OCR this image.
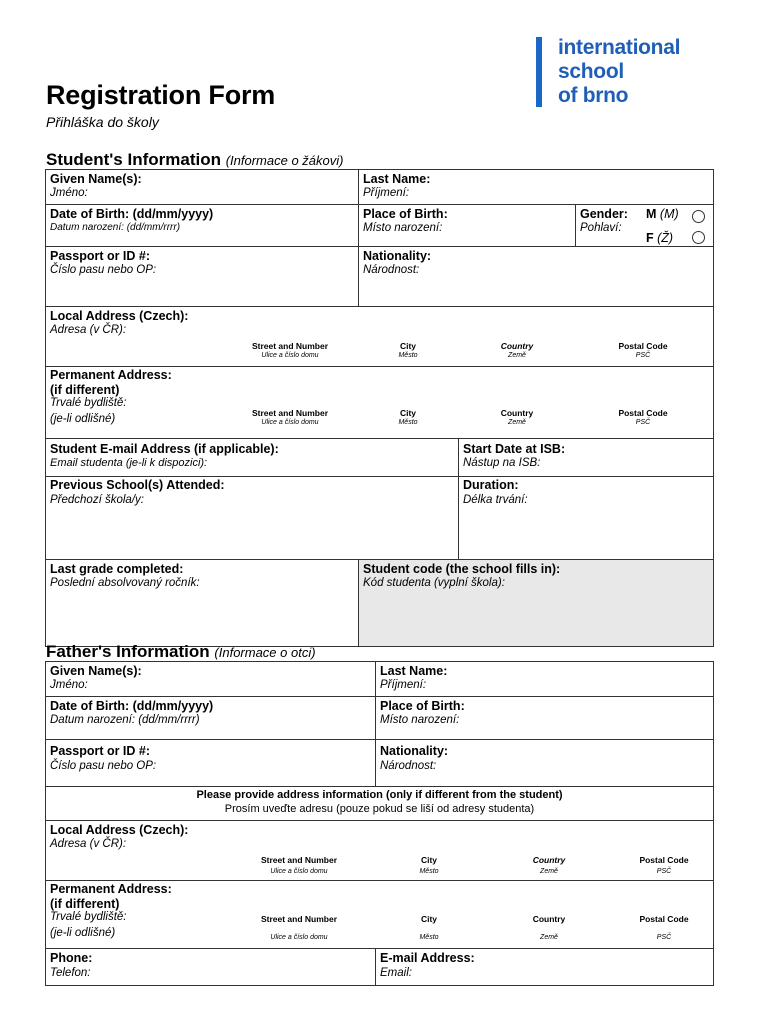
international
school
of brno
Registration Form
Přihláška do školy
Student's Information (Informace o žákovi)
Given Name(s):
Jméno:
Last Name:
Příjmení:
Date of Birth: (dd/mm/yyyy)
Datum narození: (dd/mm/rrrr)
Place of Birth:
Místo narození:
Gender:
Pohlaví:
M (M)
F (Ž)
Passport or ID #:
Číslo pasu nebo OP:
Nationality:
Národnost:
Local Address (Czech):
Adresa (v ČR):
Street and Number
Ulice a číslo domu
City
Město
Country
Země
Postal Code
PSČ
Permanent Address:
(if different)
Trvalé bydliště:
(je-li odlišné)	Street and Number
Ulice a číslo domu
City
Město
Country
Země
Postal Code
PSČ
Student E-mail Address (if applicable):
Email studenta (je-li k dispozici):
Start Date at ISB:
Nástup na ISB:
Previous School(s) Attended:
Předchozí škola/y:
Duration:
Délka trvání:
Last grade completed:
Poslední absolvovaný ročník:
Student code (the school fills in):
Kód studenta (vyplní škola):
Father's Information (Informace o otci)
Given Name(s):
Jméno:
Last Name:
Příjmení:
Date of Birth: (dd/mm/yyyy)
Datum narození: (dd/mm/rrrr)
Place of Birth:
Místo narození:
Passport or ID #:
Číslo pasu nebo OP:
Nationality:
Národnost:
Please provide address information (only if different from the student)
Prosím uveďte adresu (pouze pokud se liší od adresy studenta)
Local Address (Czech):
Adresa (v ČR):
Street and Number
Ulice a číslo domu
City
Město
Country
Země
Postal Code
PSČ
Permanent Address:
(if different)
Trvalé bydliště:
(je-li odlišné)
Street and Number
Ulice a číslo domu
City
Město
Country
Země
Postal Code
PSČ
Phone:
Telefon:
E-mail Address:
Email:
